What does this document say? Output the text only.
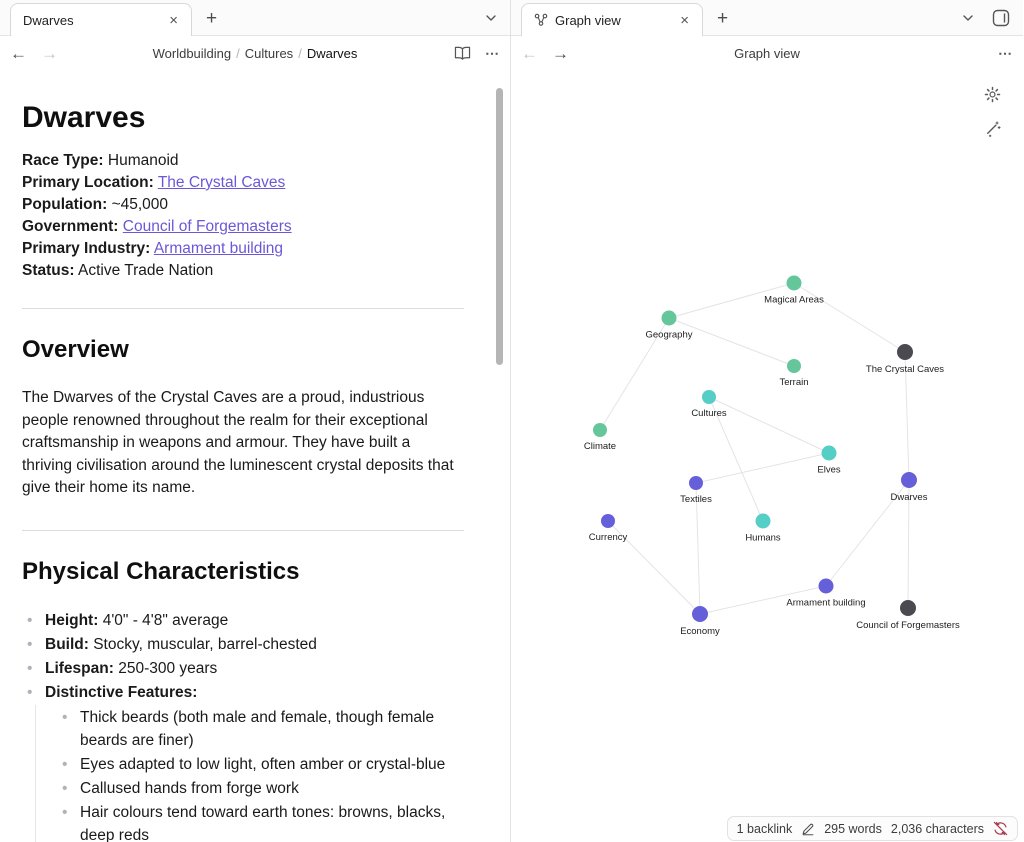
Dwarves	× +
← →	Worldbuilding / Cultures / Dwarves	⋯
Dwarves
Race Type: Humanoid
Primary Location: The Crystal Caves
Population: ~45,000
Government: Council of Forgemasters
Primary Industry: Armament building
Status: Active Trade Nation
Overview

The Dwarves of the Crystal Caves are a proud, industrious people renowned throughout the realm for their exceptional craftsmanship in weapons and armour. They have built a thriving civilisation around the luminescent crystal deposits that give their home its name.

Physical Characteristics
• Height: 4'0" - 4'8" average
• Build: Stocky, muscular, barrel-chested
• Lifespan: 250-300 years
• Distinctive Features:
• Thick beards (both male and female, though female beards are finer)
• Eyes adapted to low light, often amber or crystal-blue
• Callused hands from forge work
• Hair colours tend toward earth tones: browns, blacks, deep reds
Graph view	× +
← →	Graph view	⋯
Magical Areas
Geography
The Crystal Caves
Terrain
Cultures
Climate
Elves
Dwarves
Textiles
Currency	Humans
Armament building
Economy
Council of Forgemasters
1 backlink	295 words 2,036 characters
